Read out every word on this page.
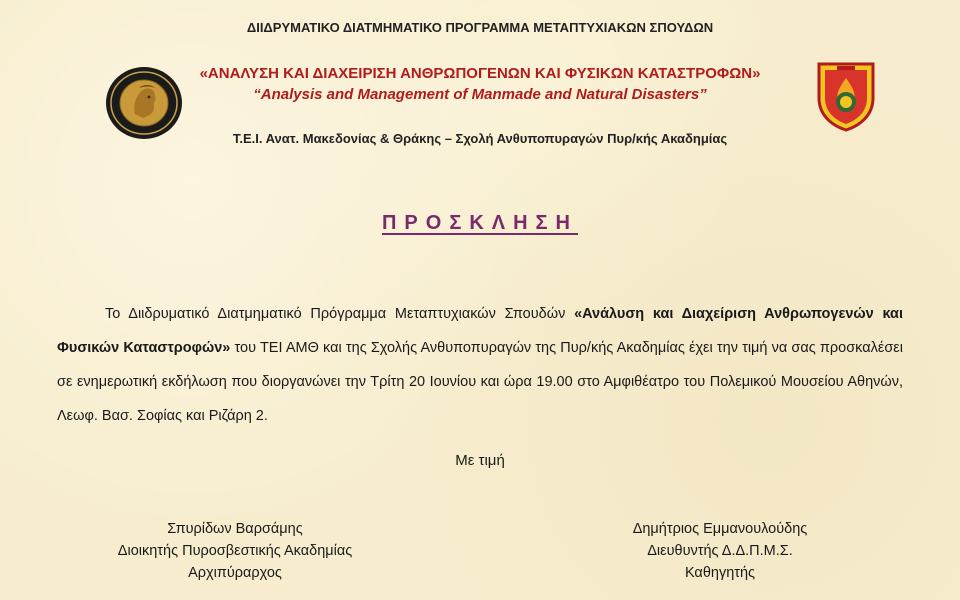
ΔΙΙΔΡΥΜΑΤΙΚΟ ΔΙΑΤΜΗΜΑΤΙΚΟ ΠΡΟΓΡΑΜΜΑ ΜΕΤΑΠΤΥΧΙΑΚΩΝ ΣΠΟΥΔΩΝ
«ΑΝΑΛΥΣΗ ΚΑΙ ΔΙΑΧΕΙΡΙΣΗ ΑΝΘΡΩΠΟΓΕΝΩΝ ΚΑΙ ΦΥΣΙΚΩΝ ΚΑΤΑΣΤΡΟΦΩΝ»
“Analysis and Management of Manmade and Natural Disasters”
Τ.Ε.Ι. Ανατ. Μακεδονίας & Θράκης – Σχολή Ανθυποπυραγών Πυρ/κής Ακαδημίας
ΠΡΟΣΚΛΗΣΗ
Το Διιδρυματικό Διατμηματικό Πρόγραμμα Μεταπτυχιακών Σπουδών «Ανάλυση και Διαχείριση Ανθρωπογενών και Φυσικών Καταστροφών» του ΤΕΙ ΑΜΘ και της Σχολής Ανθυποπυραγών της Πυρ/κής Ακαδημίας έχει την τιμή να σας προσκαλέσει σε ενημερωτική εκδήλωση που διοργανώνει την Τρίτη 20 Ιουνίου και ώρα 19.00 στο Αμφιθέατρο του Πολεμικού Μουσείου Αθηνών, Λεωφ. Βασ. Σοφίας και Ριζάρη 2.
Με τιμή
Σπυρίδων Βαρσάμης
Διοικητής Πυροσβεστικής Ακαδημίας
Αρχιπύραρχος
Δημήτριος Εμμανουλούδης
Διευθυντής Δ.Δ.Π.Μ.Σ.
Καθηγητής
